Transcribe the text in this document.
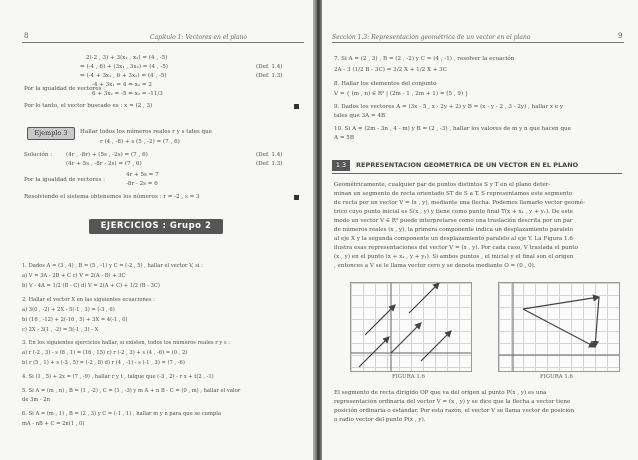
8	Capítulo 1: Vectores en el plano
2(-2 , 3) + 3(x₁ , x₂) = (4 , -5)
⇒ (-4 , 6) + (3x₁ , 3x₂) = (4 , -5)
⇒ (-4 + 3x₁ , 6 + 3x₂) = (4 , -5)
(Def. 1.4)
(Def. 1.3)
Por la igualdad de vectores :
-4 + 3x₁ = 4 ⇔ x₁ = 2
6 + 3x₂ = -5 ⇔ x₂ = -11/3
Por lo tanto, el vector buscado es : x = (2 , 3)
Ejemplo 3	Hallar todos los números reales r y s tales que
r (4 , -8) + s (5 , -2) = (7 , 6)
Solución : (4r , -8r) + (5s , -2s) = (7 , 6)
(4r + 5s , -8r - 2s) = (7 , 6)
(Def. 1.4)
(Def. 1.3)
Por la igualdad de vectores :
4r + 5s = 7
-8r - 2s = 6
Resolviendo el sistema obtenemos los números : r = -2 , s = 3
EJERCICIOS : Grupo 2
1. Dados A = (3 , 4) , B = (5 , -1) y C = (-2 , 5) , hallar el vector V, si :
a) V = 3A - 2B + C c) V = 2(A - B) + 3C
b) V - 4A = 1/2 (B - C) d) V = 2(A + C) + 1/2 (B - 3C)
2. Hallar el vector X en las siguientes ecuaciones :
a) 3(0 , -2) + 2X - 5(-1 , 3) = (-3 , 6)
b) (16 , -12) + 2(-16 , 5) + 3X = 4(-1 , 0)
c) 2X - 3(1 , -2) = 5(-1 , 3) - X
3. En los siguientes ejercicios hallar, si existen, todos los números reales r y s :
a) r (-2 , 3) - s (8 , 1) = (16 , 15) c) r (-2 , 3) + s (4 , -6) = (0 , 2)
b) r (5 , 1) + s (-3 , 5) = (-2 , 8) d) r (4 , -1) - s (-1 , 3) = (7 , -6)
4. Si (1 , 5) + 2x = (7 , -9) , hallar r y t , talque que (-3 , 2) - r x + t(2 , -1)
5. Si A = (m , n) , B = (1 , -2) , C = (1 , -3) y m A + n B - C = (0 , m) , hallar el valor
de 3m - 2n
6. Si A = (m , 1) , B = (2 , 3) y C = (-1 , 1) , hallar m y n para que se cumpla
mA - nB + C = 2n(1 , 0)
Sección 1.3: Representación geométrica de un vector en el plano	9
7. Si A = (2 , 3) , B = (2 , -2) y C = (4 , -1) , resolver la ecuación
2A - 3 (1/2 B - 3C) = 3/2 X + 1/2 X + 3C
8. Hallar los elementos del conjunto
V = { (m , n) ∈ R² | (2m - 1 , 2m + 1) = (5 , 9) }
9. Dados los vectores A = (3x - 5 , x - 2y + 2) y B = (x - y - 2 , 3 - 2y) , hallar x e y
tales que 3A = 4B
10. Si A = (2m - 3n , 4 - m) y B = (2 , -3) , hallar los valores de m y n que hacen que
A = 5B
1.3	REPRESENTACION GEOMETRICA DE UN VECTOR EN EL PLANO
Geométricamente, cualquier par de puntos distintos S y T en el plano deter-
minan un segmento de recta orientado ST de S a T. S representamos este segmento
de recta por un vector V = (x , y), mediante una flecha. Podemos llamarlo vector geomé-
trico cuyo punto inicial es S(x , y) y tiene como punto final T(x + x₁ , y + y₁). De este
modo un vector V ∈ R² puede interpretarse como una traslación descrita por un par
de números reales (x , y), la primera componente indica un desplazamiento paralelo
al eje X y la segunda componente un desplazamiento paralelo al eje Y. La Figura 1.6
ilustra esas representaciones del vector V = (x , y). Por cada caso, V traslada el punto
(x , y) en el punto (x + x₁ , y + y₁). Si ambos puntos , el inicial y el final son el origen
, entonces a V se le llama vector cero y se denota mediante O = (0 , 0).
FIGURA 1.6	FIGURA 1.6
El segmento de recta dirigido OP que va del origen al punto P(x , y) es una
representación ordinaria del vector V = (x , y) y se dice que la flecha a vector tiene
posición ordinaria o estándar. Por esta razón, el vector V se llama vector de posición
o radio vector del punto P(x , y).
